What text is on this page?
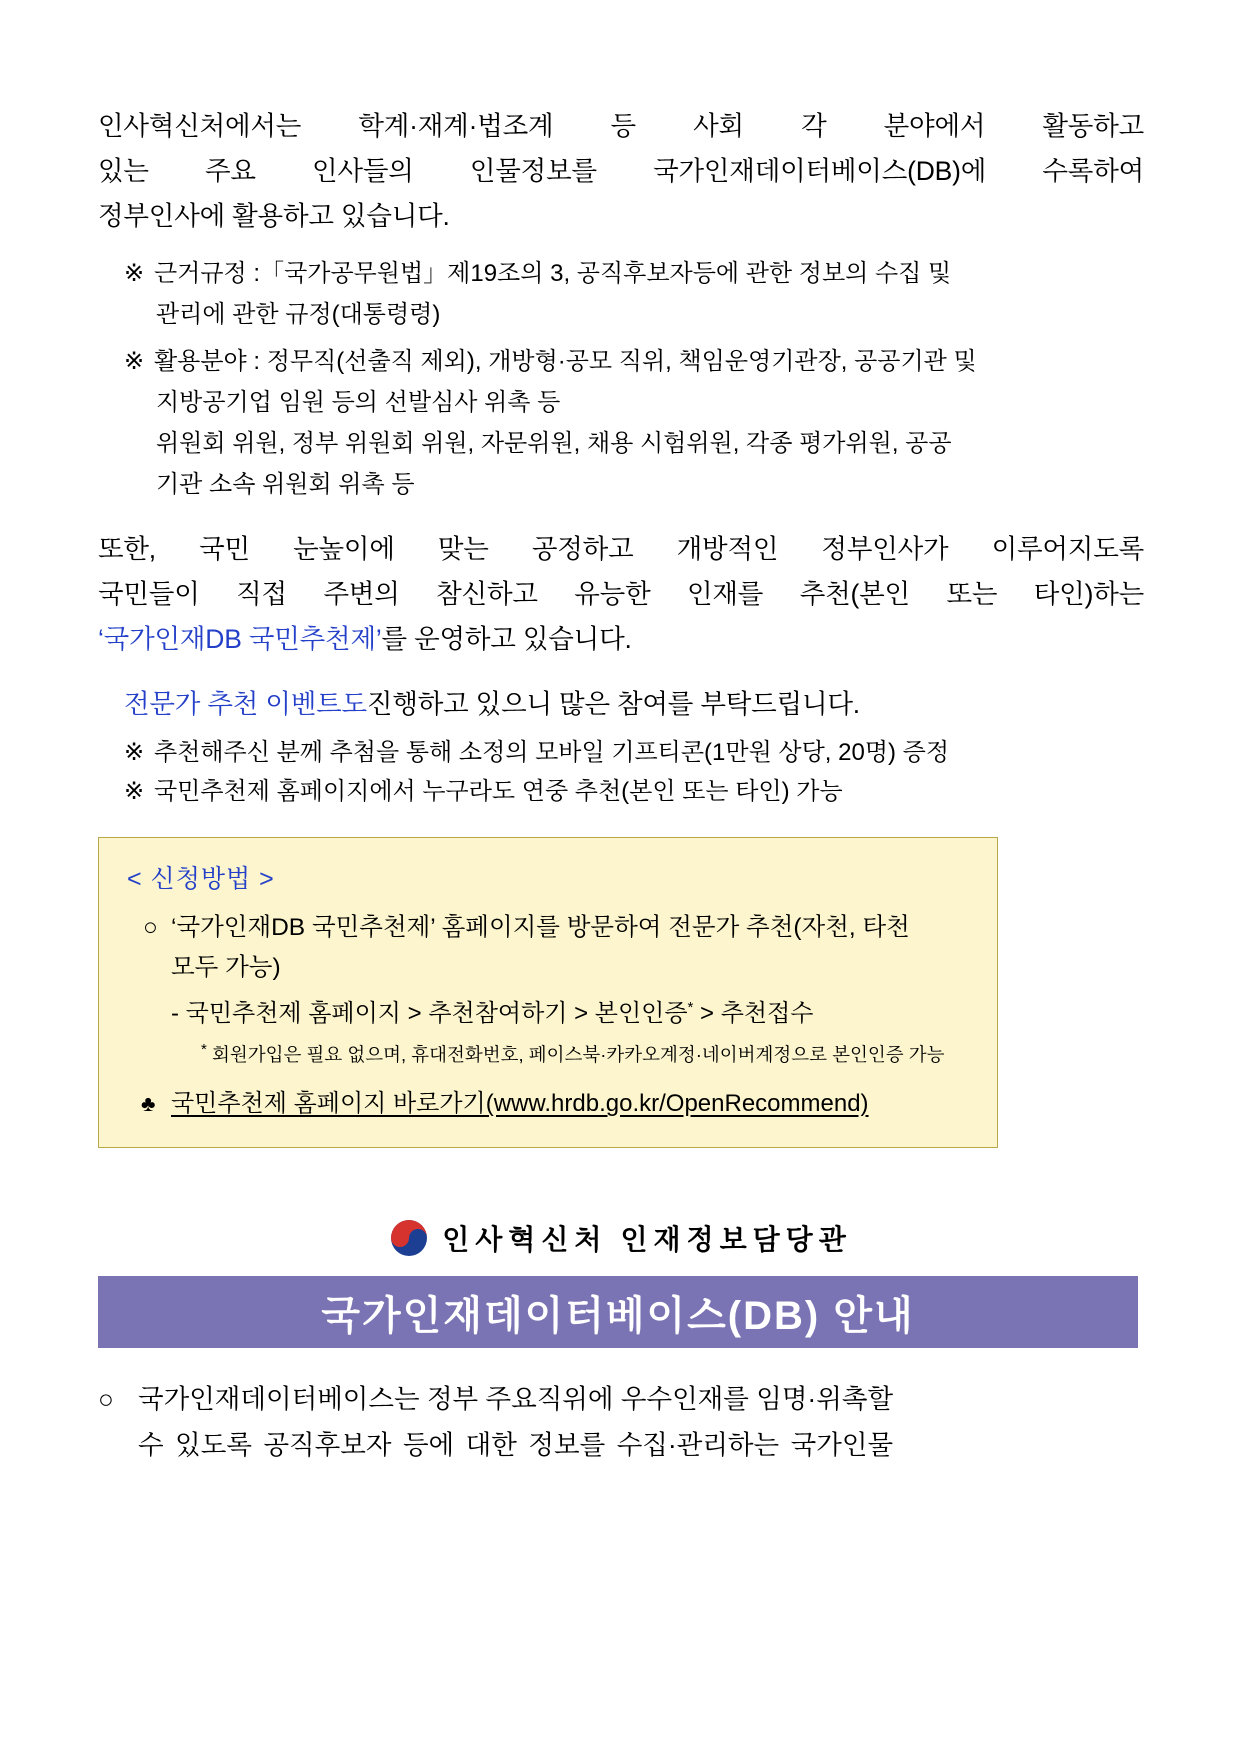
인사혁신처에서는 학계·재계·법조계 등 사회 각 분야에서 활동하고
있는 주요 인사들의 인물정보를 국가인재데이터베이스(DB)에 수록하여
정부인사에 활용하고 있습니다.
※ 근거규정 :「국가공무원법」제19조의 3, 공직후보자등에 관한 정보의 수집 및
관리에 관한 규정(대통령령)
※ 활용분야 : 정무직(선출직 제외), 개방형·공모 직위, 책임운영기관장, 공공기관 및
지방공기업 임원 등의 선발심사 위촉 등
위원회 위원, 정부 위원회 위원, 자문위원, 채용 시험위원, 각종 평가위원, 공공
기관 소속 위원회 위촉 등
또한, 국민 눈높이에 맞는 공정하고 개방적인 정부인사가 이루어지도록
국민들이 직접 주변의 참신하고 유능한 인재를 추천(본인 또는 타인)하는
‘국가인재DB 국민추천제’를 운영하고 있습니다.
전문가 추천 이벤트도진행하고 있으니 많은 참여를 부탁드립니다.
※ 추천해주신 분께 추첨을 통해 소정의 모바일 기프티콘(1만원 상당, 20명) 증정
※ 국민추천제 홈페이지에서 누구라도 연중 추천(본인 또는 타인) 가능
< 신청방법 >
○ ‘국가인재DB 국민추천제’ 홈페이지를 방문하여 전문가 추천(자천, 타천
모두 가능)
- 국민추천제 홈페이지 > 추천참여하기 > 본인인증* > 추천접수
* 회원가입은 필요 없으며, 휴대전화번호, 페이스북·카카오계정·네이버계정으로 본인인증 가능
♣ 국민추천제 홈페이지 바로가기(www.hrdb.go.kr/OpenRecommend)
인사혁신처 인재정보담당관
국가인재데이터베이스(DB) 안내
○ 국가인재데이터베이스는 정부 주요직위에 우수인재를 임명·위촉할
수 있도록 공직후보자 등에 대한 정보를 수집·관리하는 국가인물
